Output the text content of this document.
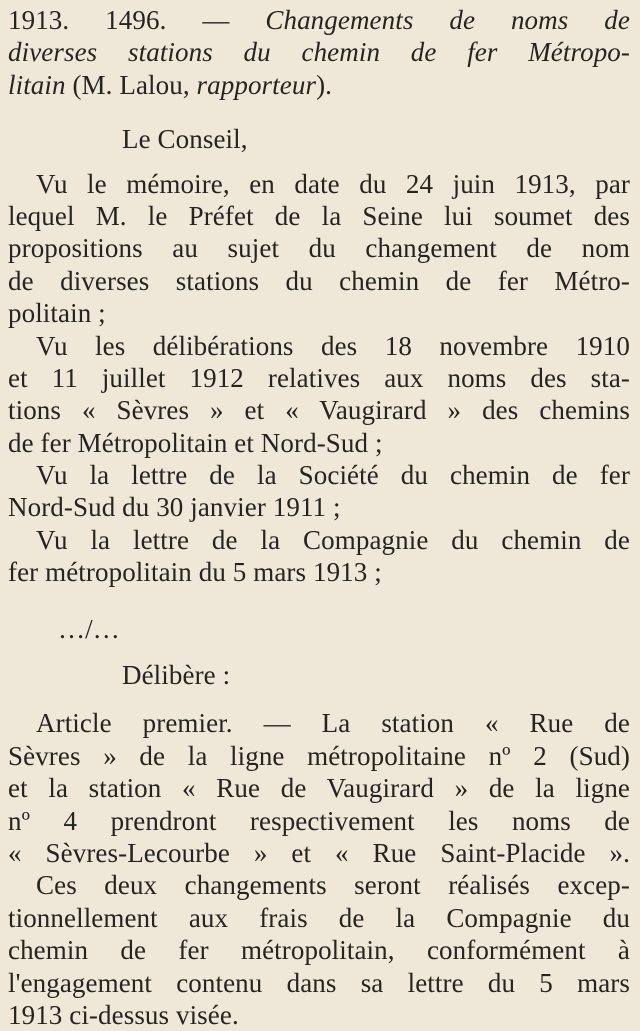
1913. 1496. — Changements de noms de
diverses stations du chemin de fer Métropo-
litain (M. Lalou, rapporteur).
Le Conseil,
Vu le mémoire, en date du 24 juin 1913, par
lequel M. le Préfet de la Seine lui soumet des
propositions au sujet du changement de nom
de diverses stations du chemin de fer Métro-
politain ;
Vu les délibérations des 18 novembre 1910
et 11 juillet 1912 relatives aux noms des sta-
tions « Sèvres » et « Vaugirard » des chemins
de fer Métropolitain et Nord-Sud ;
Vu la lettre de la Société du chemin de fer
Nord-Sud du 30 janvier 1911 ;
Vu la lettre de la Compagnie du chemin de
fer métropolitain du 5 mars 1913 ;
…/…
Délibère :
Article premier. — La station « Rue de
Sèvres » de la ligne métropolitaine nº 2 (Sud)
et la station « Rue de Vaugirard » de la ligne
nº 4 prendront respectivement les noms de
« Sèvres-Lecourbe » et « Rue Saint-Placide ».
Ces deux changements seront réalisés excep-
tionnellement aux frais de la Compagnie du
chemin de fer métropolitain, conformément à
l'engagement contenu dans sa lettre du 5 mars
1913 ci-dessus visée.
